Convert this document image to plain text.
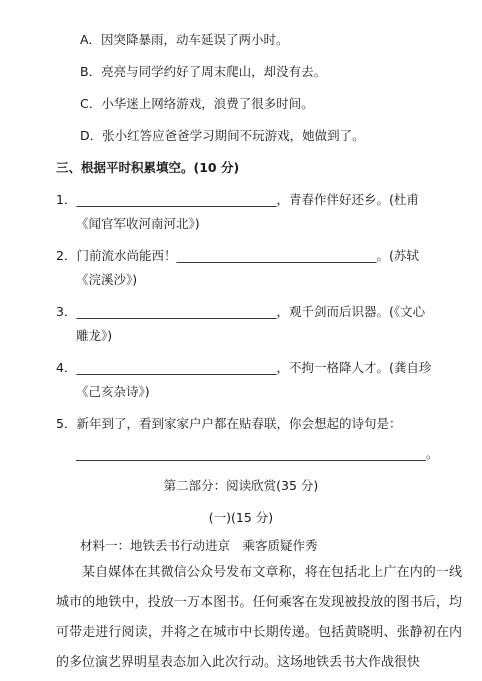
A．因突降暴雨，动车延误了两小时。
B．亮亮与同学约好了周末爬山，却没有去。
C．小华迷上网络游戏，浪费了很多时间。
D．张小红答应爸爸学习期间不玩游戏，她做到了。
三、根据平时积累填空。(10 分)
1．________________________________，青春作伴好还乡。(杜甫
《闻官军收河南河北》)
2．门前流水尚能西！________________________________。(苏轼
《浣溪沙》)
3．________________________________，观千剑而后识器。(《文心
雕龙》)
4．________________________________，不拘一格降人才。(龚自珍
《己亥杂诗》)
5．新年到了，看到家家户户都在贴春联，你会想起的诗句是：
________________________________________________________。
第二部分：阅读欣赏(35 分)
(一)(15 分)
材料一：地铁丢书行动进京　乘客质疑作秀
某自媒体在其微信公众号发布文章称，将在包括北上广在内的一线城市的地铁中，投放一万本图书。任何乘客在发现被投放的图书后，均可带走进行阅读，并将之在城市中长期传递。包括黄晓明、张静初在内的多位演艺界明星表态加入此次行动。这场地铁丢书大作战很快
